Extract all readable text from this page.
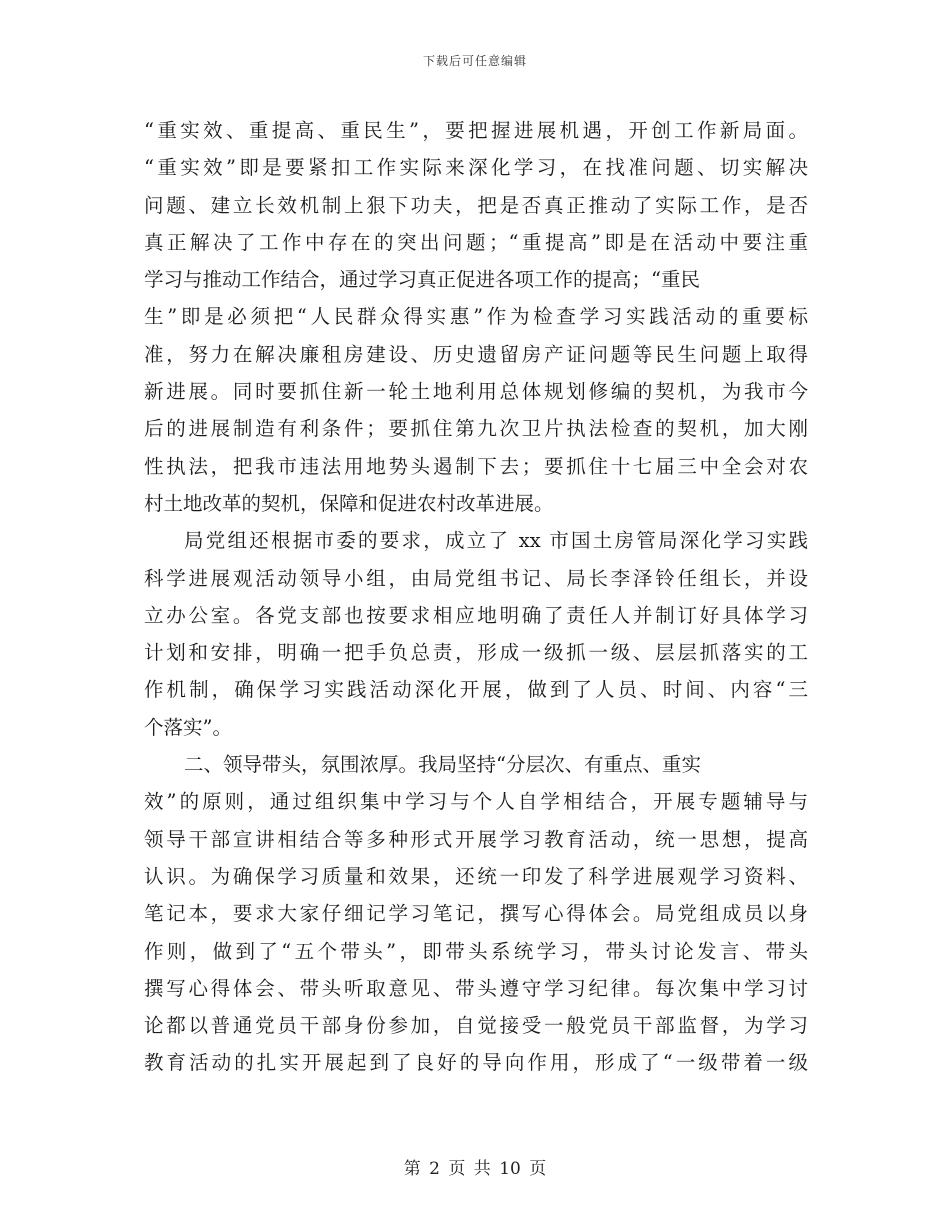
下载后可任意编辑
“重实效、重提高、重民生”，要把握进展机遇，开创工作新局面。
“重实效”即是要紧扣工作实际来深化学习，在找准问题、切实解决
问题、建立长效机制上狠下功夫，把是否真正推动了实际工作，是否
真正解决了工作中存在的突出问题；“重提高”即是在活动中要注重
学习与推动工作结合，通过学习真正促进各项工作的提高；“重民
生”即是必须把“人民群众得实惠”作为检查学习实践活动的重要标
准，努力在解决廉租房建设、历史遗留房产证问题等民生问题上取得
新进展。同时要抓住新一轮土地利用总体规划修编的契机，为我市今
后的进展制造有利条件；要抓住第九次卫片执法检查的契机，加大刚
性执法，把我市违法用地势头遏制下去；要抓住十七届三中全会对农
村土地改革的契机，保障和促进农村改革进展。
局党组还根据市委的要求，成立了 xx 市国土房管局深化学习实践
科学进展观活动领导小组，由局党组书记、局长李泽铃任组长，并设
立办公室。各党支部也按要求相应地明确了责任人并制订好具体学习
计划和安排，明确一把手负总责，形成一级抓一级、层层抓落实的工
作机制，确保学习实践活动深化开展，做到了人员、时间、内容“三
个落实”。
二、领导带头，氛围浓厚。我局坚持“分层次、有重点、重实
效”的原则，通过组织集中学习与个人自学相结合，开展专题辅导与
领导干部宣讲相结合等多种形式开展学习教育活动，统一思想，提高
认识。为确保学习质量和效果，还统一印发了科学进展观学习资料、
笔记本，要求大家仔细记学习笔记，撰写心得体会。局党组成员以身
作则，做到了“五个带头”，即带头系统学习，带头讨论发言、带头
撰写心得体会、带头听取意见、带头遵守学习纪律。每次集中学习讨
论都以普通党员干部身份参加，自觉接受一般党员干部监督，为学习
教育活动的扎实开展起到了良好的导向作用，形成了“一级带着一级
第 2 页 共 10 页
